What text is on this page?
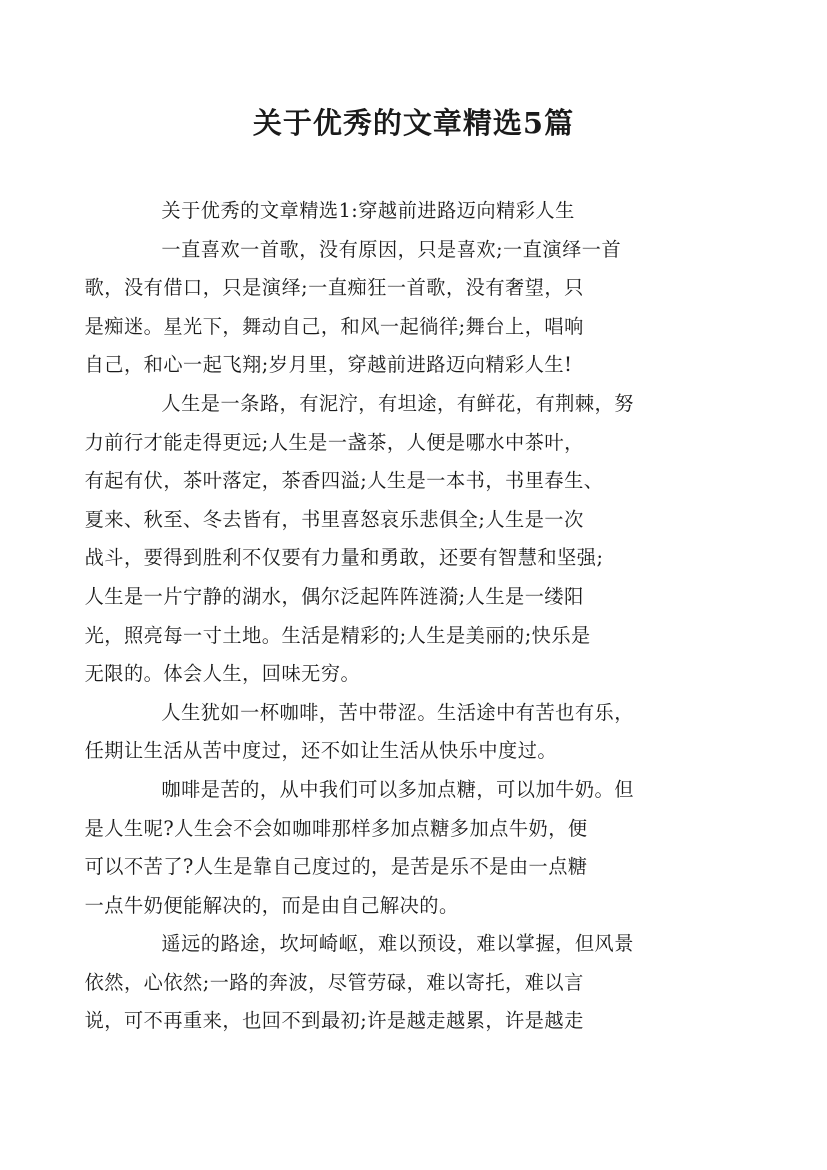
关于优秀的文章精选5篇
关于优秀的文章精选1:穿越前进路迈向精彩人生
一直喜欢一首歌，没有原因，只是喜欢;一直演绎一首
歌，没有借口，只是演绎;一直痴狂一首歌，没有奢望，只
是痴迷。星光下，舞动自己，和风一起徜徉;舞台上，唱响
自己，和心一起飞翔;岁月里，穿越前进路迈向精彩人生!
人生是一条路，有泥泞，有坦途，有鲜花，有荆棘，努
力前行才能走得更远;人生是一盏茶，人便是哪水中茶叶，
有起有伏，茶叶落定，茶香四溢;人生是一本书，书里春生、
夏来、秋至、冬去皆有，书里喜怒哀乐悲俱全;人生是一次
战斗，要得到胜利不仅要有力量和勇敢，还要有智慧和坚强;
人生是一片宁静的湖水，偶尔泛起阵阵涟漪;人生是一缕阳
光，照亮每一寸土地。生活是精彩的;人生是美丽的;快乐是
无限的。体会人生，回味无穷。
人生犹如一杯咖啡，苦中带涩。生活途中有苦也有乐，
任期让生活从苦中度过，还不如让生活从快乐中度过。
咖啡是苦的，从中我们可以多加点糖，可以加牛奶。但
是人生呢?人生会不会如咖啡那样多加点糖多加点牛奶，便
可以不苦了?人生是靠自己度过的，是苦是乐不是由一点糖
一点牛奶便能解决的，而是由自己解决的。
遥远的路途，坎坷崎岖，难以预设，难以掌握，但风景
依然，心依然;一路的奔波，尽管劳碌，难以寄托，难以言
说，可不再重来，也回不到最初;许是越走越累，许是越走
